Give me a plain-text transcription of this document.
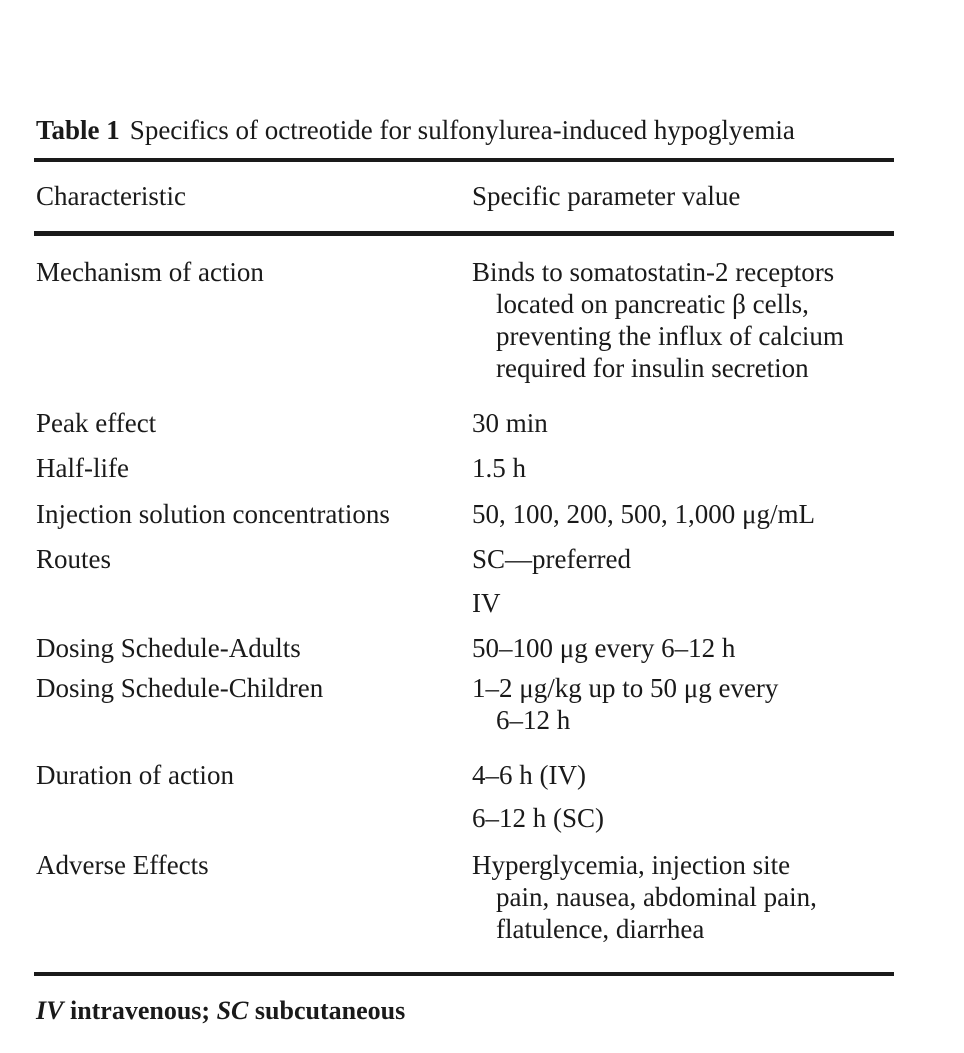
Table 1 Specifics of octreotide for sulfonylurea-induced hypoglyemia
Characteristic	Specific parameter value
Mechanism of action	Binds to somatostatin-2 receptors
located on pancreatic β cells,
preventing the influx of calcium
required for insulin secretion
Peak effect	30 min
Half-life	1.5 h
Injection solution concentrations	50, 100, 200, 500, 1,000 μg/mL
Routes	SC—preferred
IV
Dosing Schedule-Adults	50–100 μg every 6–12 h
Dosing Schedule-Children	1–2 μg/kg up to 50 μg every
6–12 h
Duration of action	4–6 h (IV)
6–12 h (SC)
Adverse Effects	Hyperglycemia, injection site
pain, nausea, abdominal pain,
flatulence, diarrhea
IV intravenous; SC subcutaneous
